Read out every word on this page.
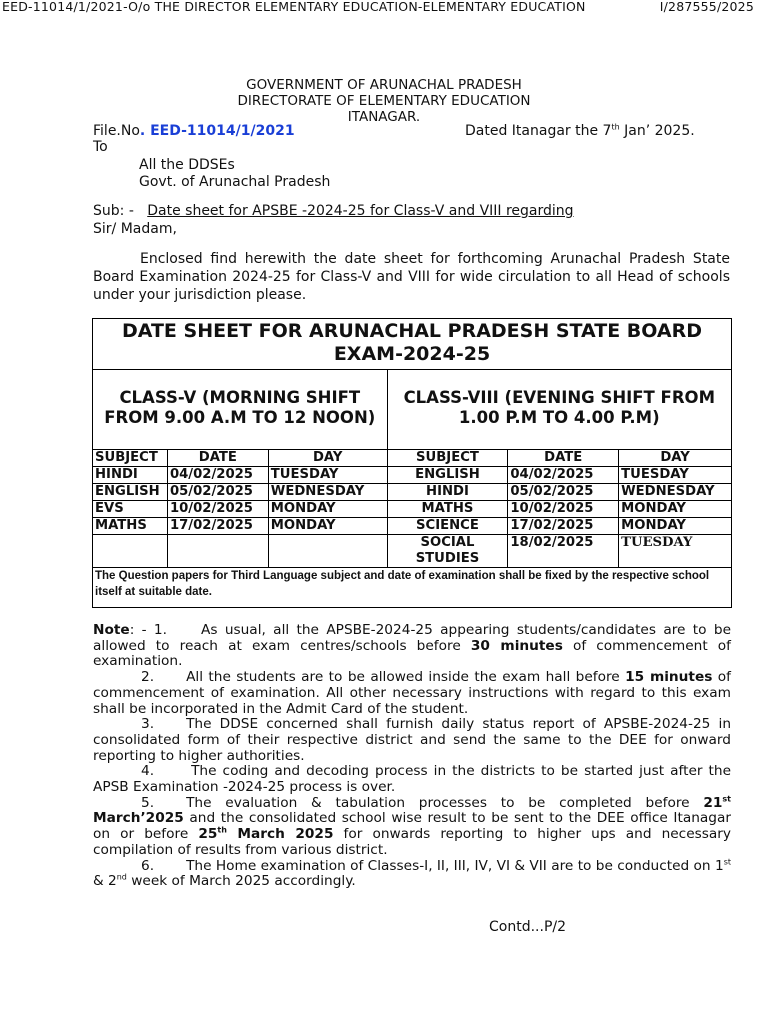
EED-11014/1/2021-O/o THE DIRECTOR ELEMENTARY EDUCATION-ELEMENTARY EDUCATION	I/287555/2025
GOVERNMENT OF ARUNACHAL PRADESH
DIRECTORATE OF ELEMENTARY EDUCATION
ITANAGAR.
File.No. EED-11014/1/2021	Dated Itanagar the 7th Jan’ 2025.
To
All the DDSEs
Govt. of Arunachal Pradesh
Sub: - Date sheet for APSBE -2024-25 for Class-V and VIII regarding
Sir/ Madam,
Enclosed find herewith the date sheet for forthcoming Arunachal Pradesh State Board Examination 2024-25 for Class-V and VIII for wide circulation to all Head of schools under your jurisdiction please.
DATE SHEET FOR ARUNACHAL PRADESH STATE BOARD EXAM-2024-25					
CLASS-V (MORNING SHIFT FROM 9.00 A.M TO 12 NOON)			CLASS-VIII (EVENING SHIFT FROM 1.00 P.M TO 4.00 P.M)		
SUBJECT	DATE	DAY	SUBJECT	DATE	DAY
HINDI	04/02/2025	TUESDAY	ENGLISH	04/02/2025	TUESDAY
ENGLISH	05/02/2025	WEDNESDAY	HINDI	05/02/2025	WEDNESDAY
EVS	10/02/2025	MONDAY	MATHS	10/02/2025	MONDAY
MATHS	17/02/2025	MONDAY	SCIENCE	17/02/2025	MONDAY
			SOCIAL STUDIES	18/02/2025	TUESDAY
The Question papers for Third Language subject and date of examination shall be fixed by the respective school itself at suitable date.					

Note: - 1. As usual, all the APSBE-2024-25 appearing students/candidates are to be allowed to reach at exam centres/schools before 30 minutes of commencement of examination.

2. All the students are to be allowed inside the exam hall before 15 minutes of commencement of examination. All other necessary instructions with regard to this exam shall be incorporated in the Admit Card of the student.

3. The DDSE concerned shall furnish daily status report of APSBE-2024-25 in consolidated form of their respective district and send the same to the DEE for onward reporting to higher authorities.

4.	The coding and decoding process in the districts to be started just after the APSB Examination -2024-25 process is over.

5. The evaluation & tabulation processes to be completed before 21st March’2025 and the consolidated school wise result to be sent to the DEE office Itanagar on or before 25th March 2025 for onwards reporting to higher ups and necessary compilation of results from various district.

6. The Home examination of Classes-I, II, III, IV, VI & VII are to be conducted on 1st & 2nd week of March 2025 accordingly.

Contd...P/2
